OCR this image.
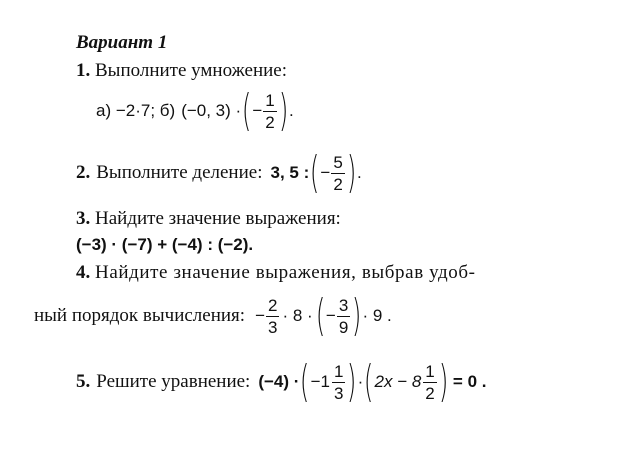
Вариант 1
1. Выполните умножение:
а) −2·7; б) (−0, 3) · ( − $\frac{1}{2}$ ) .
2. Выполните деление: 3, 5 : ( − $\frac{5}{2}$ ) .
3. Найдите значение выражения:
(−3) · (−7) + (−4) : (−2).
4. Найдите значение выражения, выбрав удоб-
ный порядок вычисления: − $\frac{2}{3} \cdot 8$ · ( − $\frac{3}{9}$ ) · 9 .
5. Решите уравнение: (−4) · ( $-1 \frac{1}{3}$ ) · ( $2x - 8 \frac{1}{2}$ ) = 0 .
